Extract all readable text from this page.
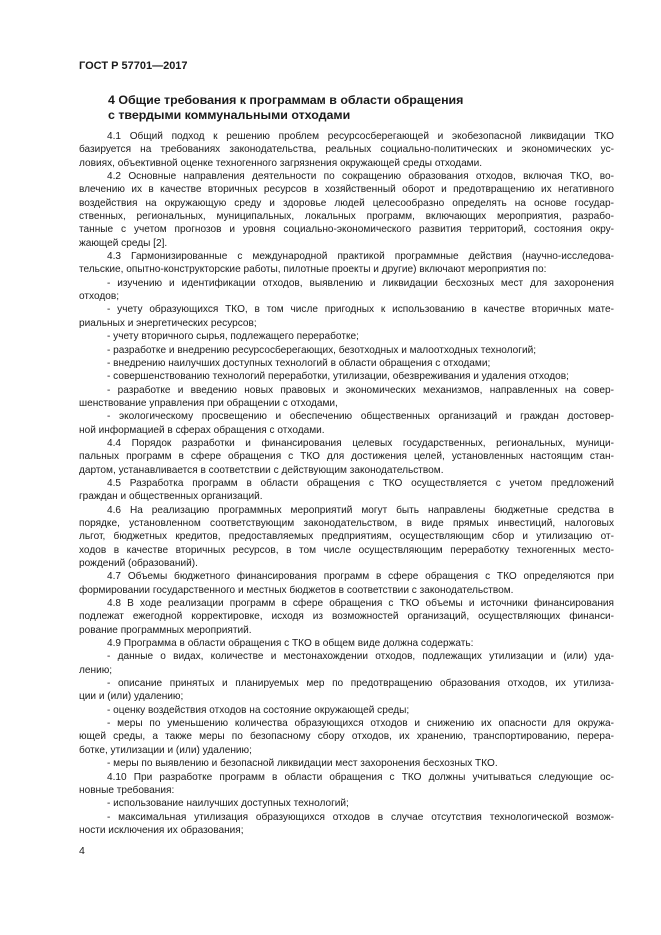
ГОСТ Р 57701—2017
4 Общие требования к программам в области обращения
с твердыми коммунальными отходами
4.1 Общий подход к решению проблем ресурсосберегающей и экобезопасной ликвидации ТКО
базируется на требованиях законодательства, реальных социально-политических и экономических ус-
ловиях, объективной оценке техногенного загрязнения окружающей среды отходами.
4.2 Основные направления деятельности по сокращению образования отходов, включая ТКО, во-
влечению их в качестве вторичных ресурсов в хозяйственный оборот и предотвращению их негативного
воздействия на окружающую среду и здоровье людей целесообразно определять на основе государ-
ственных, региональных, муниципальных, локальных программ, включающих мероприятия, разрабо-
танные с учетом прогнозов и уровня социально-экономического развития территорий, состояния окру-
жающей среды [2].
4.3 Гармонизированные с международной практикой программные действия (научно-исследова-
тельские, опытно-конструкторские работы, пилотные проекты и другие) включают мероприятия по:
- изучению и идентификации отходов, выявлению и ликвидации бесхозных мест для захоронения
отходов;
- учету образующихся ТКО, в том числе пригодных к использованию в качестве вторичных мате-
риальных и энергетических ресурсов;
- учету вторичного сырья, подлежащего переработке;
- разработке и внедрению ресурсосберегающих, безотходных и малоотходных технологий;
- внедрению наилучших доступных технологий в области обращения с отходами;
- совершенствованию технологий переработки, утилизации, обезвреживания и удаления отходов;
- разработке и введению новых правовых и экономических механизмов, направленных на совер-
шенствование управления при обращении с отходами,
- экологическому просвещению и обеспечению общественных организаций и граждан достовер-
ной информацией в сферах обращения с отходами.
4.4 Порядок разработки и финансирования целевых государственных, региональных, муници-
пальных программ в сфере обращения с ТКО для достижения целей, установленных настоящим стан-
дартом, устанавливается в соответствии с действующим законодательством.
4.5 Разработка программ в области обращения с ТКО осуществляется с учетом предложений
граждан и общественных организаций.
4.6 На реализацию программных мероприятий могут быть направлены бюджетные средства в
порядке, установленном соответствующим законодательством, в виде прямых инвестиций, налоговых
льгот, бюджетных кредитов, предоставляемых предприятиям, осуществляющим сбор и утилизацию от-
ходов в качестве вторичных ресурсов, в том числе осуществляющим переработку техногенных место-
рождений (образований).
4.7 Объемы бюджетного финансирования программ в сфере обращения с ТКО определяются при
формировании государственного и местных бюджетов в соответствии с законодательством.
4.8 В ходе реализации программ в сфере обращения с ТКО объемы и источники финансирования
подлежат ежегодной корректировке, исходя из возможностей организаций, осуществляющих финанси-
рование программных мероприятий.
4.9 Программа в области обращения с ТКО в общем виде должна содержать:
- данные о видах, количестве и местонахождении отходов, подлежащих утилизации и (или) уда-
лению;
- описание принятых и планируемых мер по предотвращению образования отходов, их утилиза-
ции и (или) удалению;
- оценку воздействия отходов на состояние окружающей среды;
- меры по уменьшению количества образующихся отходов и снижению их опасности для окружа-
ющей среды, а также меры по безопасному сбору отходов, их хранению, транспортированию, перера-
ботке, утилизации и (или) удалению;
- меры по выявлению и безопасной ликвидации мест захоронения бесхозных ТКО.
4.10 При разработке программ в области обращения с ТКО должны учитываться следующие ос-
новные требования:
- использование наилучших доступных технологий;
- максимальная утилизация образующихся отходов в случае отсутствия технологической возмож-
ности исключения их образования;
4
